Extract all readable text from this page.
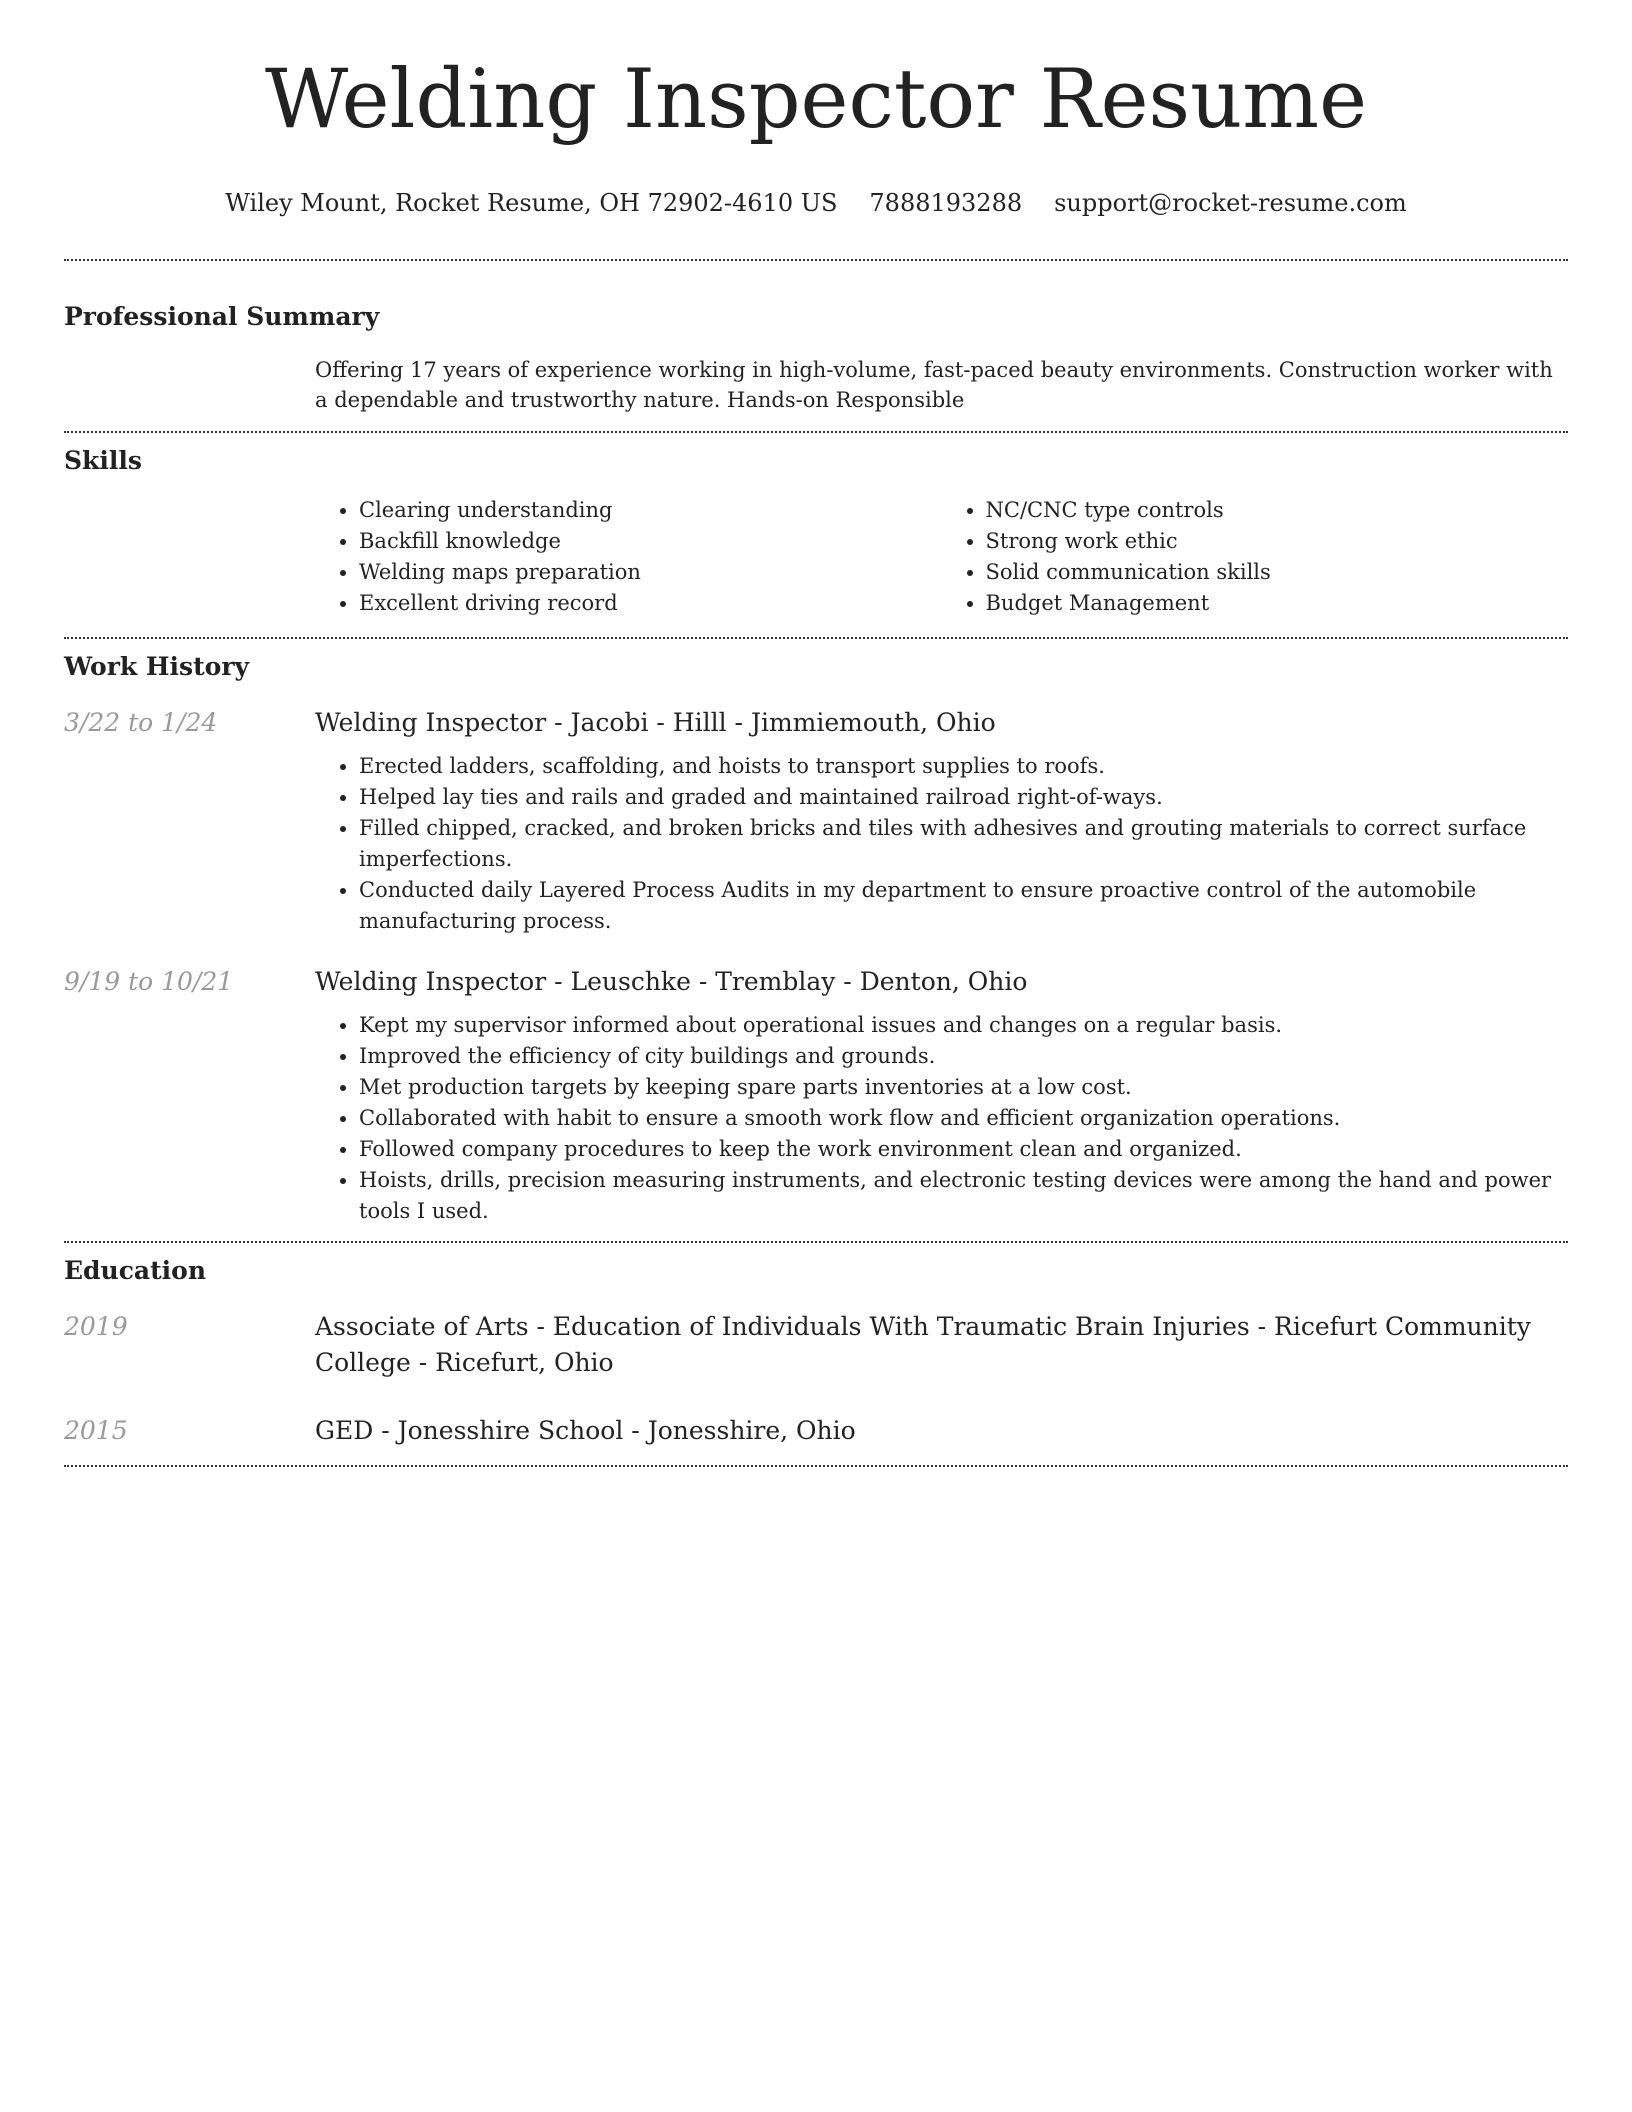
Welding Inspector Resume
Wiley Mount, Rocket Resume, OH 72902-4610 US 7888193288 support@rocket-resume.com
Professional Summary
Offering 17 years of experience working in high-volume, fast-paced beauty environments. Construction worker with a dependable and trustworthy nature. Hands-on Responsible
Skills
• Clearing understanding
• Backfill knowledge
• Welding maps preparation
• Excellent driving record
• NC/CNC type controls
• Strong work ethic
• Solid communication skills
• Budget Management
Work History
3/22 to 1/24	Welding Inspector - Jacobi - Hilll - Jimmiemouth, Ohio
• Erected ladders, scaffolding, and hoists to transport supplies to roofs.
• Helped lay ties and rails and graded and maintained railroad right-of-ways.
• Filled chipped, cracked, and broken bricks and tiles with adhesives and grouting materials to correct surface imperfections.
• Conducted daily Layered Process Audits in my department to ensure proactive control of the automobile manufacturing process.
9/19 to 10/21	Welding Inspector - Leuschke - Tremblay - Denton, Ohio
• Kept my supervisor informed about operational issues and changes on a regular basis.
• Improved the efficiency of city buildings and grounds.
• Met production targets by keeping spare parts inventories at a low cost.
• Collaborated with habit to ensure a smooth work flow and efficient organization operations.
• Followed company procedures to keep the work environment clean and organized.
• Hoists, drills, precision measuring instruments, and electronic testing devices were among the hand and power tools I used.
Education
2019	Associate of Arts - Education of Individuals With Traumatic Brain Injuries - Ricefurt Community College - Ricefurt, Ohio
2015	GED - Jonesshire School - Jonesshire, Ohio
